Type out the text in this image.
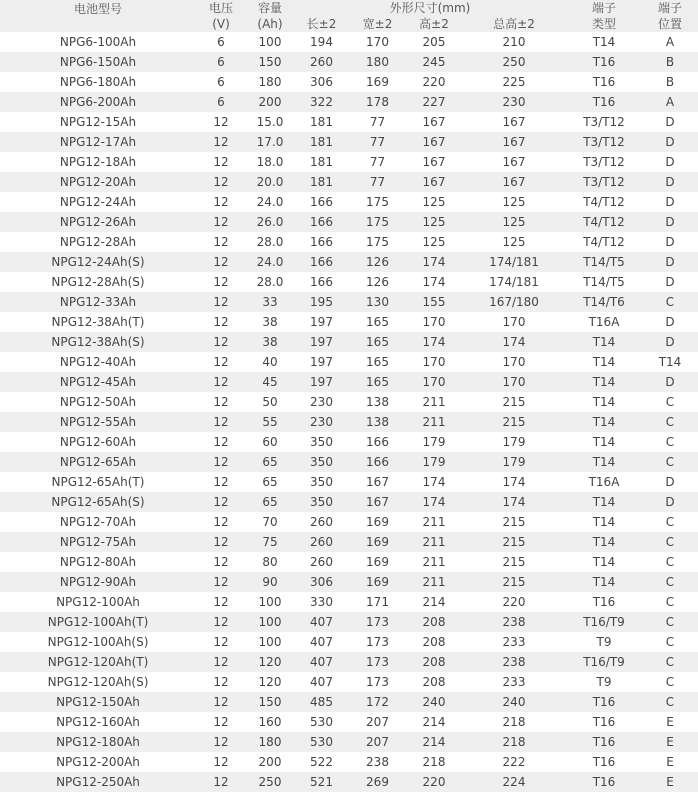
电池型号	电压	容量	外形尺寸(mm)				端子	端子
	(V)	(Ah)	长±2	宽±2	高±2	总高±2	类型	位置
NPG6-100Ah	6	100	194	170	205	210	T14	A
NPG6-150Ah	6	150	260	180	245	250	T16	B
NPG6-180Ah	6	180	306	169	220	225	T16	B
NPG6-200Ah	6	200	322	178	227	230	T16	A
NPG12-15Ah	12	15.0	181	77	167	167	T3/T12	D
NPG12-17Ah	12	17.0	181	77	167	167	T3/T12	D
NPG12-18Ah	12	18.0	181	77	167	167	T3/T12	D
NPG12-20Ah	12	20.0	181	77	167	167	T3/T12	D
NPG12-24Ah	12	24.0	166	175	125	125	T4/T12	D
NPG12-26Ah	12	26.0	166	175	125	125	T4/T12	D
NPG12-28Ah	12	28.0	166	175	125	125	T4/T12	D
NPG12-24Ah(S)	12	24.0	166	126	174	174/181	T14/T5	D
NPG12-28Ah(S)	12	28.0	166	126	174	174/181	T14/T5	D
NPG12-33Ah	12	33	195	130	155	167/180	T14/T6	C
NPG12-38Ah(T)	12	38	197	165	170	170	T16A	D
NPG12-38Ah(S)	12	38	197	165	174	174	T14	D
NPG12-40Ah	12	40	197	165	170	170	T14	T14
NPG12-45Ah	12	45	197	165	170	170	T14	D
NPG12-50Ah	12	50	230	138	211	215	T14	C
NPG12-55Ah	12	55	230	138	211	215	T14	C
NPG12-60Ah	12	60	350	166	179	179	T14	C
NPG12-65Ah	12	65	350	166	179	179	T14	C
NPG12-65Ah(T)	12	65	350	167	174	174	T16A	D
NPG12-65Ah(S)	12	65	350	167	174	174	T14	D
NPG12-70Ah	12	70	260	169	211	215	T14	C
NPG12-75Ah	12	75	260	169	211	215	T14	C
NPG12-80Ah	12	80	260	169	211	215	T14	C
NPG12-90Ah	12	90	306	169	211	215	T14	C
NPG12-100Ah	12	100	330	171	214	220	T16	C
NPG12-100Ah(T)	12	100	407	173	208	238	T16/T9	C
NPG12-100Ah(S)	12	100	407	173	208	233	T9	C
NPG12-120Ah(T)	12	120	407	173	208	238	T16/T9	C
NPG12-120Ah(S)	12	120	407	173	208	233	T9	C
NPG12-150Ah	12	150	485	172	240	240	T16	C
NPG12-160Ah	12	160	530	207	214	218	T16	E
NPG12-180Ah	12	180	530	207	214	218	T16	E
NPG12-200Ah	12	200	522	238	218	222	T16	E
NPG12-250Ah	12	250	521	269	220	224	T16	E
